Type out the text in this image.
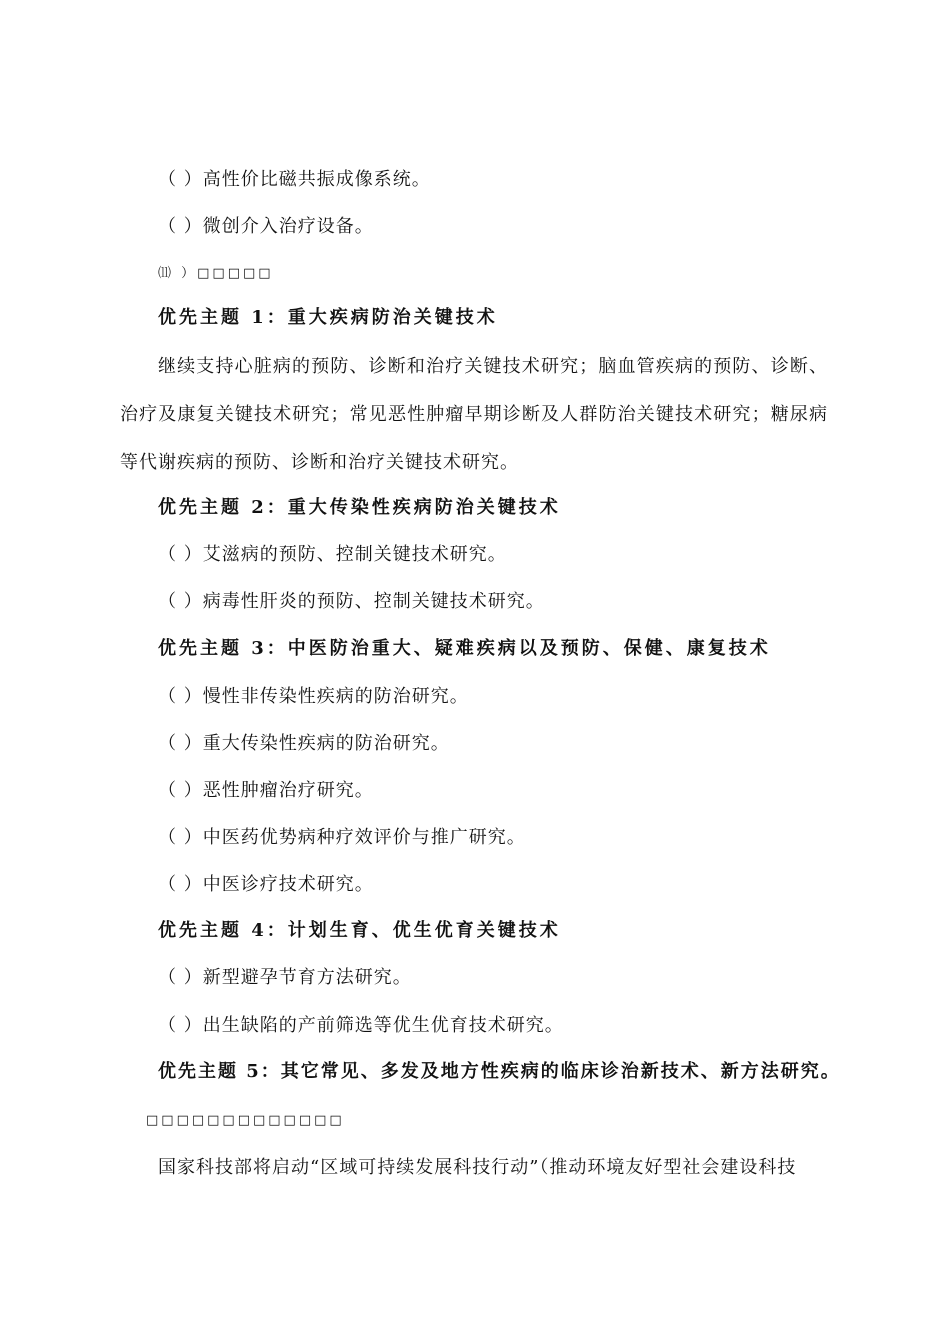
（ ）高性价比磁共振成像系统。
（ ）微创介入治疗设备。
⑾ ）□□□□□
优先主题 1：重大疾病防治关键技术
继续支持心脏病的预防、诊断和治疗关键技术研究；脑血管疾病的预防、诊断、治疗及康复关键技术研究；常见恶性肿瘤早期诊断及人群防治关键技术研究；糖尿病等代谢疾病的预防、诊断和治疗关键技术研究。
优先主题 2：重大传染性疾病防治关键技术
（ ）艾滋病的预防、控制关键技术研究。
（ ）病毒性肝炎的预防、控制关键技术研究。
优先主题 3：中医防治重大、疑难疾病以及预防、保健、康复技术
（ ）慢性非传染性疾病的防治研究。
（ ）重大传染性疾病的防治研究。
（ ）恶性肿瘤治疗研究。
（ ）中医药优势病种疗效评价与推广研究。
（ ）中医诊疗技术研究。
优先主题 4：计划生育、优生优育关键技术
（ ）新型避孕节育方法研究。
（ ）出生缺陷的产前筛选等优生优育技术研究。
优先主题 5：其它常见、多发及地方性疾病的临床诊治新技术、新方法研究。
□□□□□□□□□□□□□
国家科技部将启动“区域可持续发展科技行动”（推动环境友好型社会建设科技
